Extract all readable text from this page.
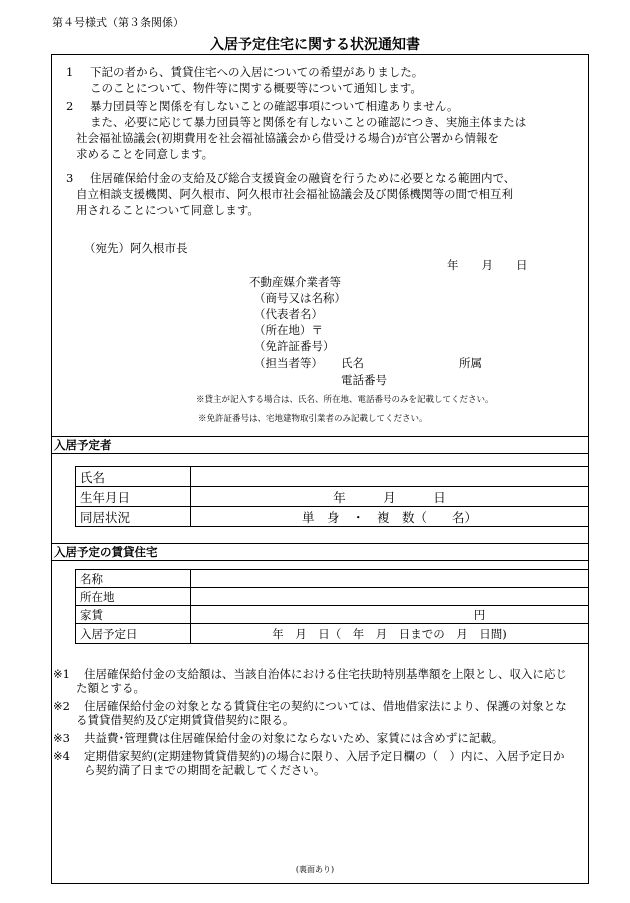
第４号様式（第３条関係）
入居予定住宅に関する状況通知書
1 下記の者から、賃貸住宅への入居についての希望がありました。
このことについて、物件等に関する概要等について通知します。
2 暴力団員等と関係を有しないことの確認事項について相違ありません。
また、必要に応じて暴力団員等と関係を有しないことの確認につき、実施主体または
社会福祉協議会(初期費用を社会福祉協議会から借受ける場合)が官公署から情報を
求めることを同意します。
3 住居確保給付金の支給及び総合支援資金の融資を行うために必要となる範囲内で、
自立相談支援機関、阿久根市、阿久根市社会福祉協議会及び関係機関等の間で相互利
用されることについて同意します。
（宛先）阿久根市長
年　　月　　日
不動産媒介業者等
（商号又は名称）
（代表者名）
（所在地）〒
（免許証番号）
（担当者等） 氏名	所属
電話番号
※貸主が記入する場合は、氏名、所在地、電話番号のみを記載してください。
※免許証番号は、宅地建物取引業者のみ記載してください。
入居予定者
氏名	
生年月日	年　　　月　　　日
同居状況	単　身　・　複　数（　　名）
入居予定の賃貸住宅
名称	
所在地	
家賃	円
入居予定日	年　月　日（　年　月　日までの　月　日間)
※1	住居確保給付金の支給額は、当該自治体における住宅扶助特別基準額を上限とし、収入に応じ
た額とする。
※2	住居確保給付金の対象となる賃貸住宅の契約については、借地借家法により、保護の対象とな
る賃貸借契約及び定期賃貸借契約に限る。
※3	共益費･管理費は住居確保給付金の対象にならないため、家賃には含めずに記載。
※4	定期借家契約(定期建物賃貸借契約)の場合に限り、入居予定日欄の（　）内に、入居予定日か
ら契約満了日までの期間を記載してください。
(裏面あり)
